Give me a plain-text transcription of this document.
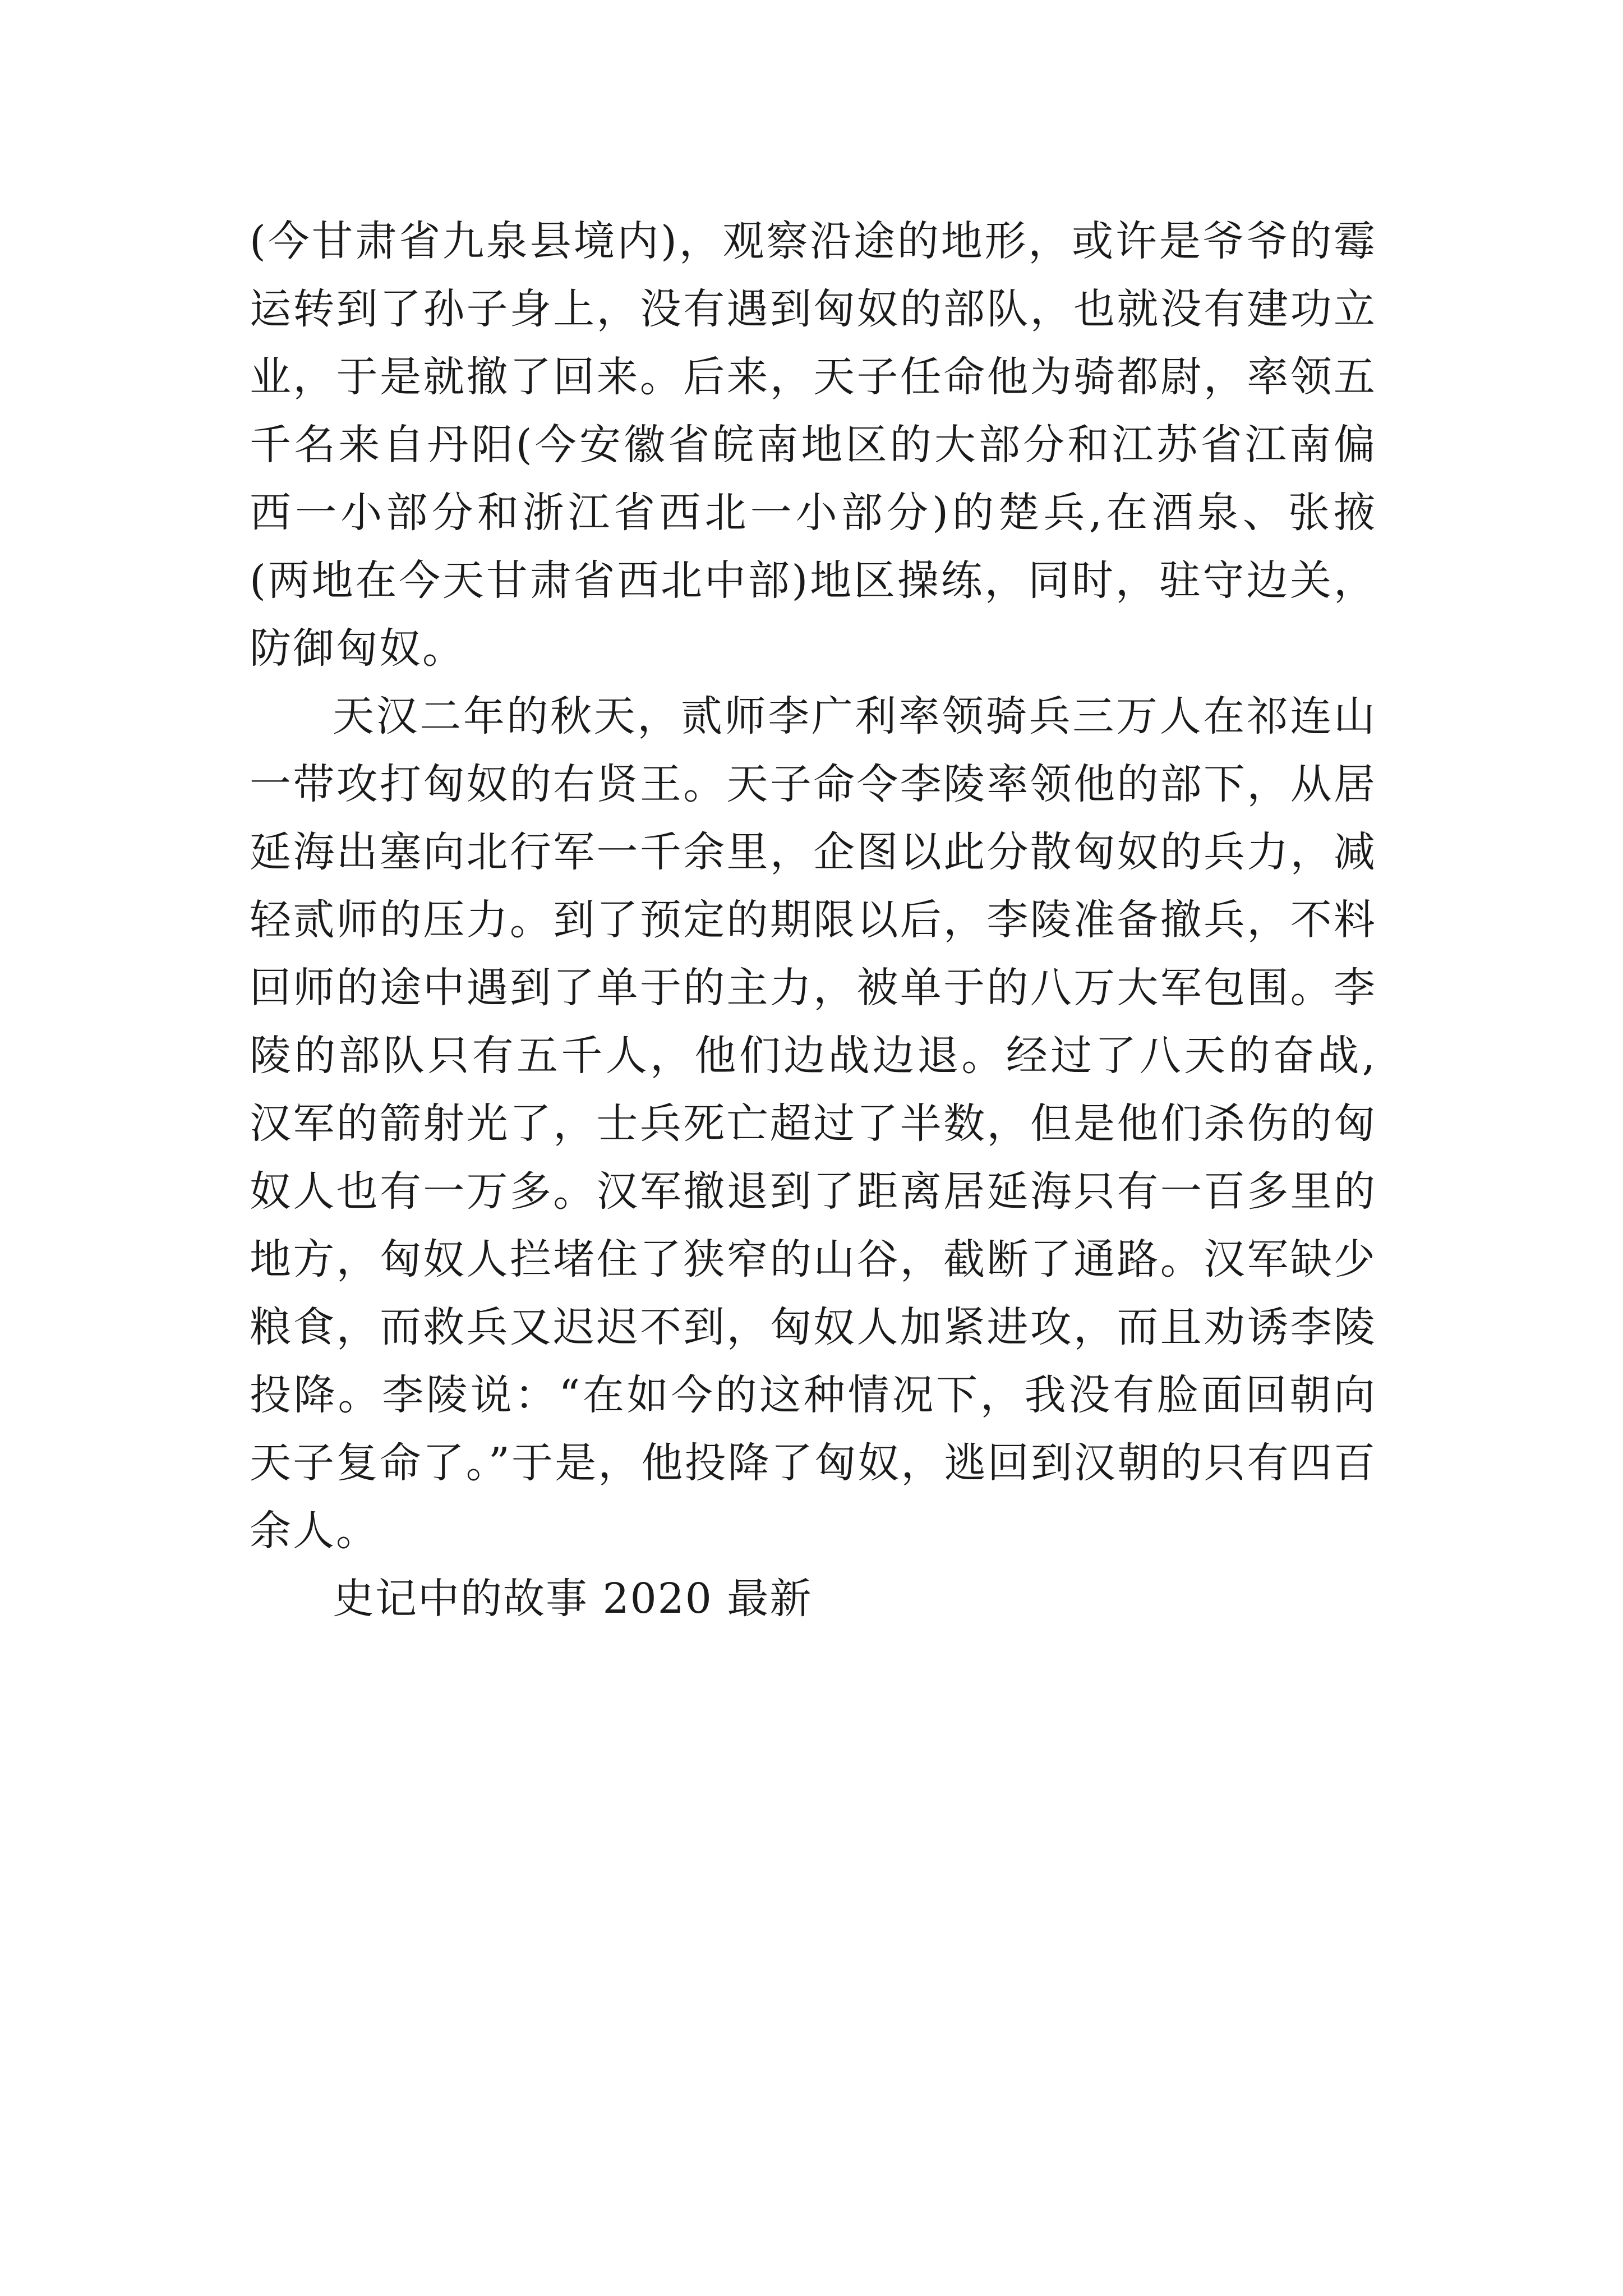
(今甘肃省九泉县境内)，观察沿途的地形，或许是爷爷的霉运转到了孙子身上，没有遇到匈奴的部队，也就没有建功立业，于是就撤了回来。后来，天子任命他为骑都尉，率领五千名来自丹阳(今安徽省皖南地区的大部分和江苏省江南偏西一小部分和浙江省西北一小部分)的楚兵,在酒泉、张掖(两地在今天甘肃省西北中部)地区操练，同时，驻守边关，防御匈奴。

天汉二年的秋天，贰师李广利率领骑兵三万人在祁连山一带攻打匈奴的右贤王。天子命令李陵率领他的部下，从居延海出塞向北行军一千余里，企图以此分散匈奴的兵力，减轻贰师的压力。到了预定的期限以后，李陵准备撤兵，不料回师的途中遇到了单于的主力，被单于的八万大军包围。李陵的部队只有五千人，他们边战边退。经过了八天的奋战,汉军的箭射光了，士兵死亡超过了半数，但是他们杀伤的匈奴人也有一万多。汉军撤退到了距离居延海只有一百多里的地方，匈奴人拦堵住了狭窄的山谷，截断了通路。汉军缺少粮食，而救兵又迟迟不到，匈奴人加紧进攻，而且劝诱李陵投降。李陵说：“在如今的这种情况下，我没有脸面回朝向天子复命了。”于是，他投降了匈奴，逃回到汉朝的只有四百余人。

史记中的故事 2020 最新
